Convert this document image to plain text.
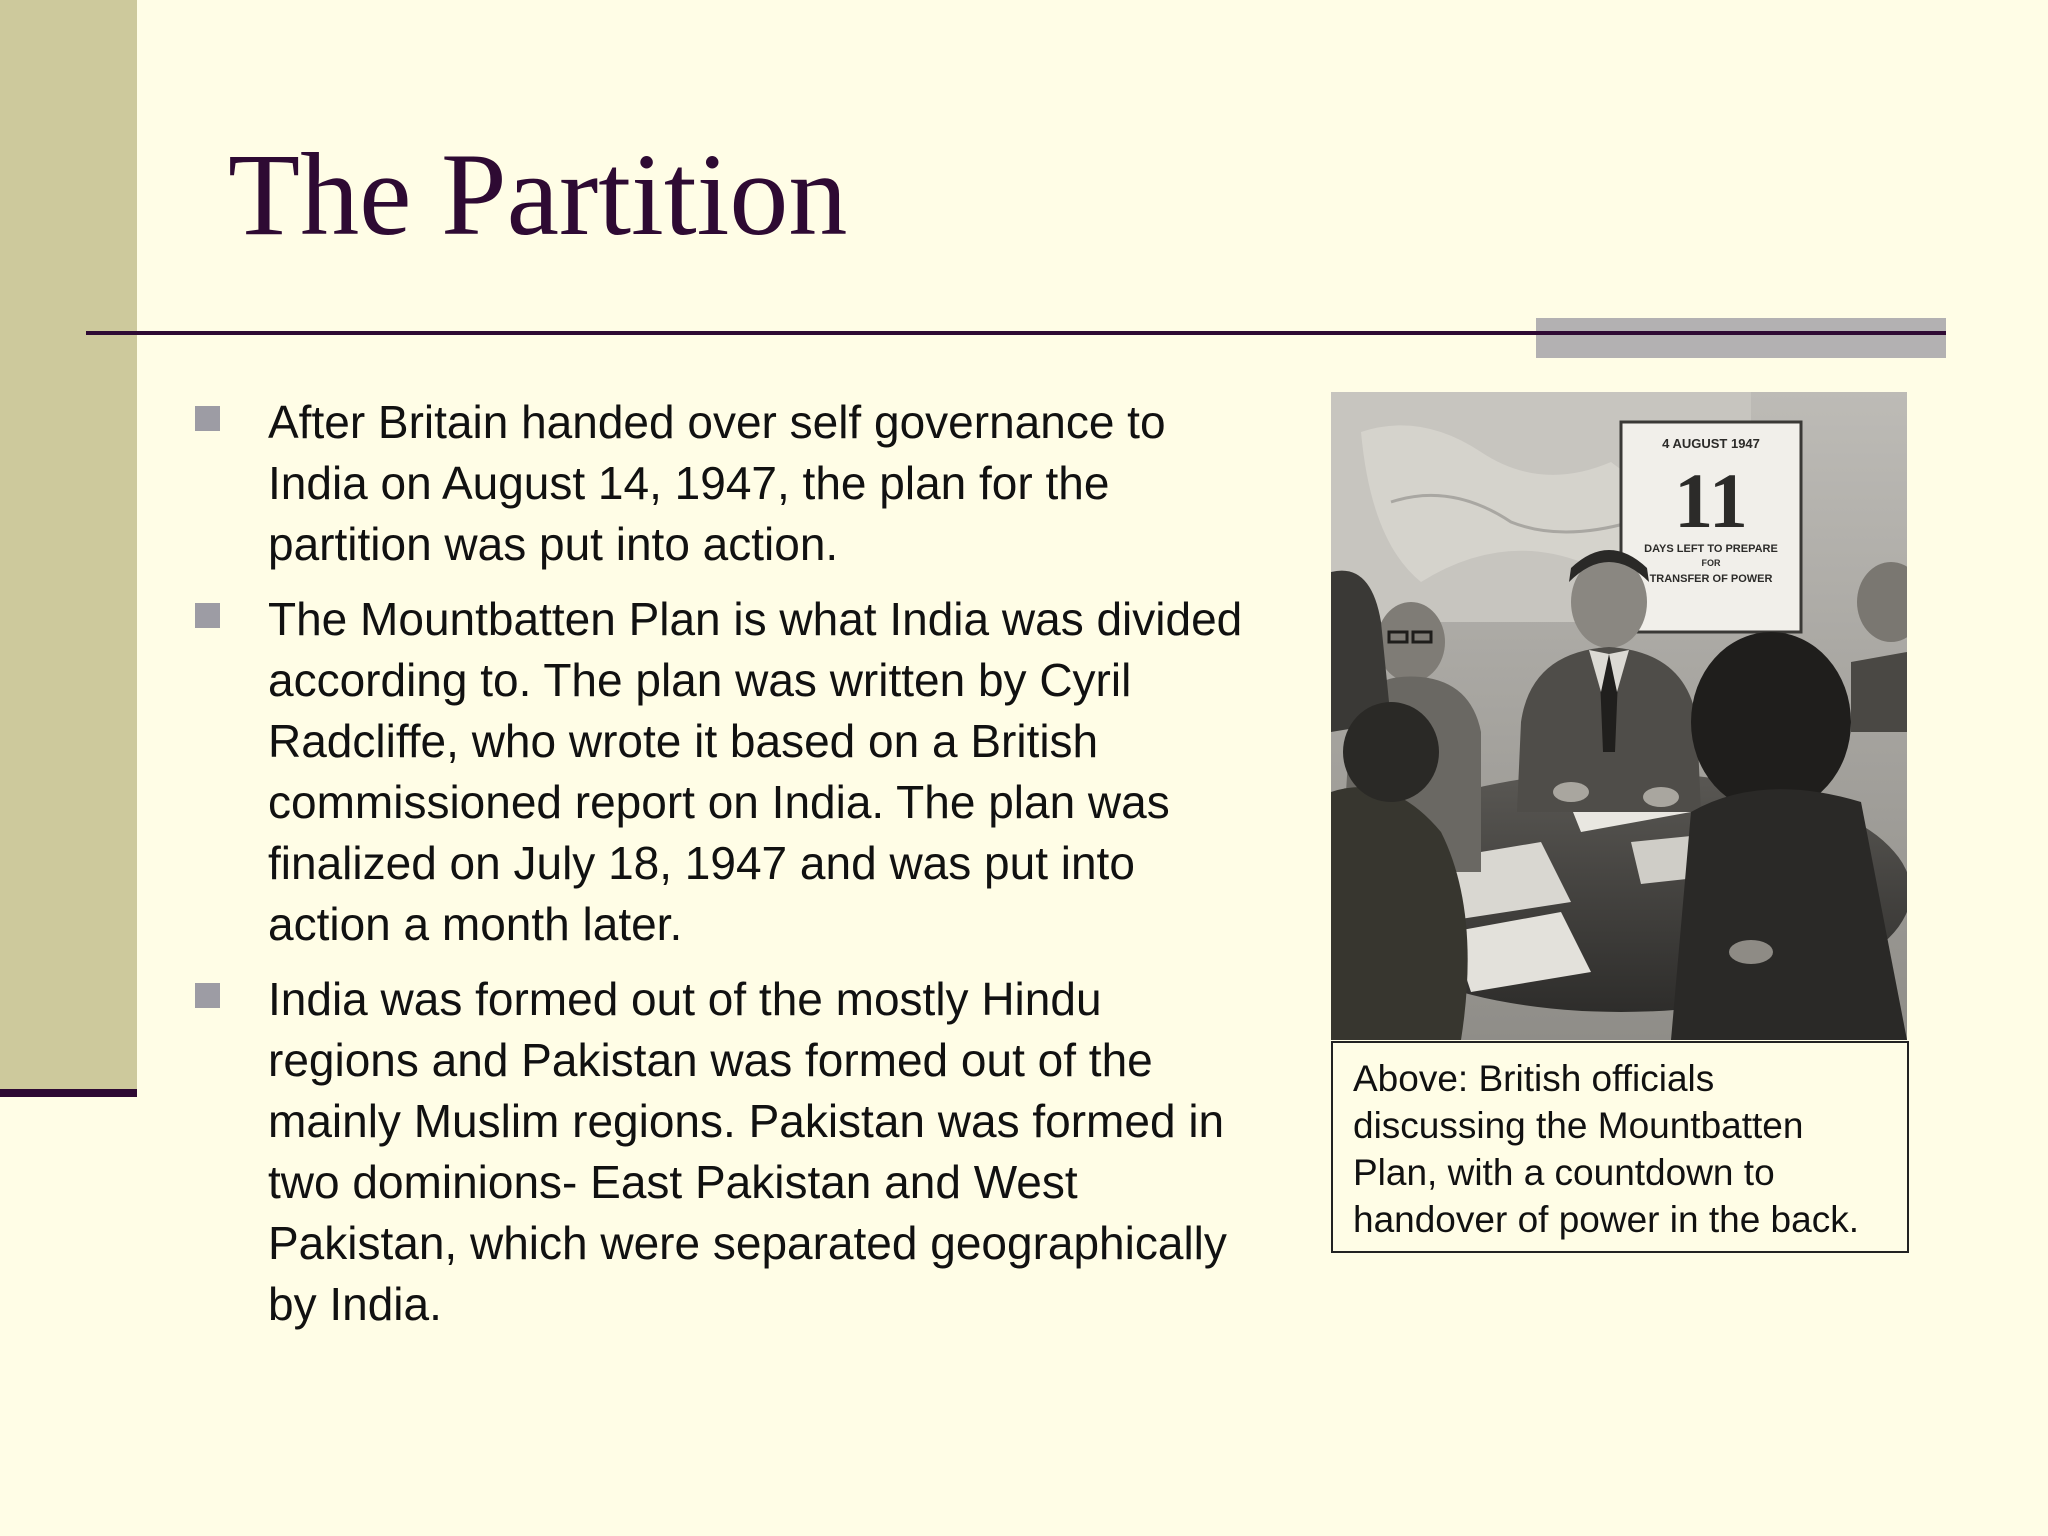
The Partition
After Britain handed over self governance to India on August 14, 1947, the plan for the partition was put into action.
The Mountbatten Plan is what India was divided according to. The plan was written by Cyril Radcliffe, who wrote it based on a British commissioned report on India. The plan was finalized on July 18, 1947 and was put into action a month later.
India was formed out of the mostly Hindu regions and Pakistan was formed out of the mainly Muslim regions. Pakistan was formed in two dominions- East Pakistan and West Pakistan, which were separated geographically by India.
4 AUGUST 1947
11
DAYS LEFT TO PREPARE
FOR
TRANSFER OF POWER
Above: British officials discussing the Mountbatten Plan, with a countdown to handover of power in the back.
